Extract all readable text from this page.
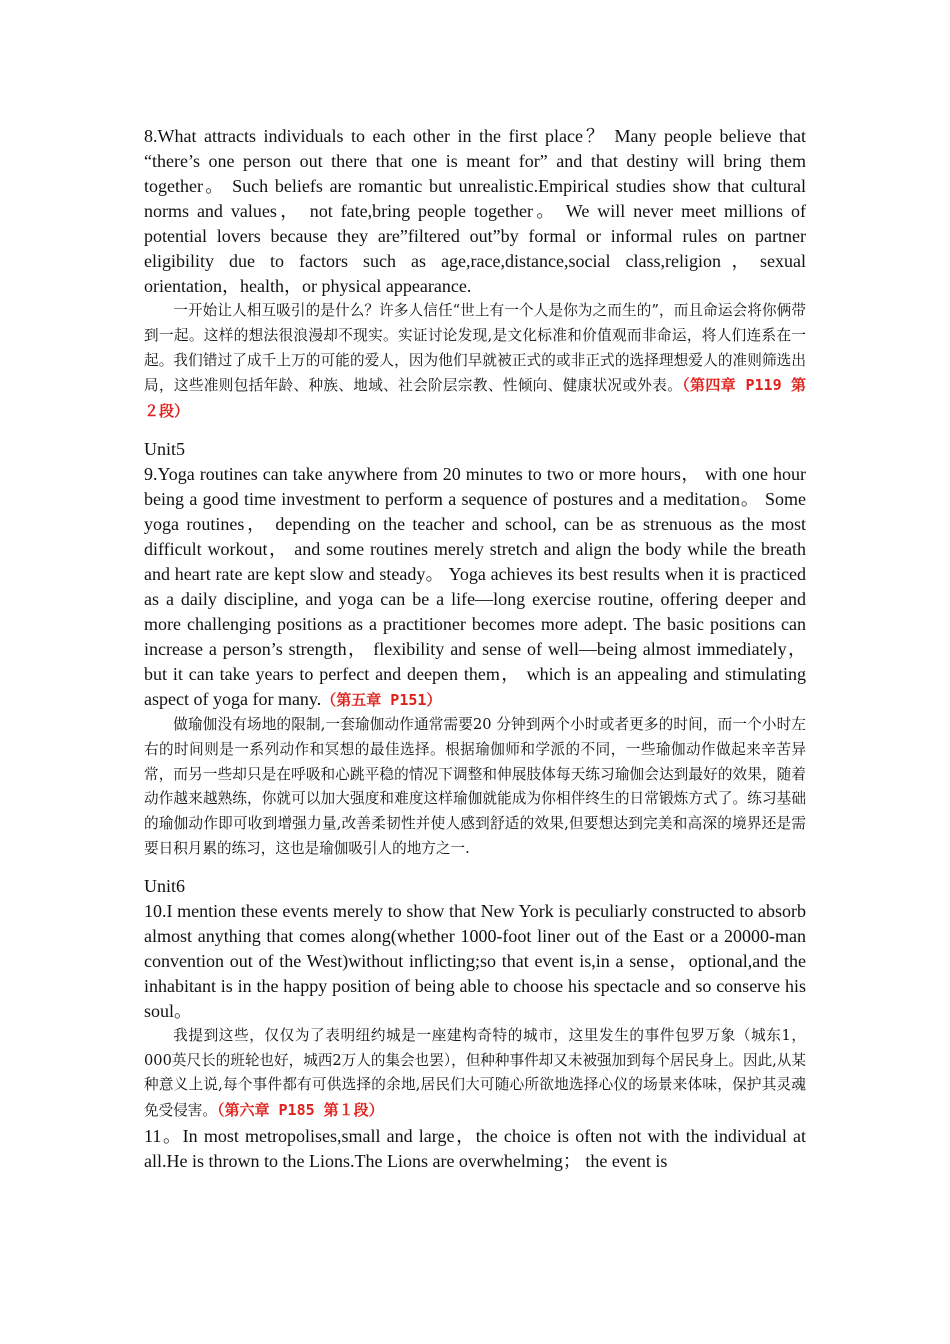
8.What attracts individuals to each other in the first place？ Many people believe that “there’s one person out there that one is meant for” and that destiny will bring them together。 Such beliefs are romantic but unrealistic.Empirical studies show that cultural norms and values， not fate,bring people together。 We will never meet millions of potential lovers because they are”filtered out”by formal or informal rules on partner eligibility due to factors such as age,race,distance,social class,religion，sexual orientation，health，or physical appearance.

一开始让人相互吸引的是什么？许多人信任“世上有一个人是你为之而生的”，而且命运会将你俩带到一起。这样的想法很浪漫却不现实。实证讨论发现,是文化标准和价值观而非命运，将人们连系在一起。我们错过了成千上万的可能的爱人，因为他们早就被正式的或非正式的选择理想爱人的准则筛选出局，这些准则包括年龄、种族、地域、社会阶层宗教、性倾向、健康状况或外表。（第四章 P119 第２段）

Unit5

9.Yoga routines can take anywhere from 20 minutes to two or more hours， with one hour being a good time investment to perform a sequence of postures and a meditation。 Some yoga routines， depending on the teacher and school, can be as strenuous as the most difficult workout， and some routines merely stretch and align the body while the breath and heart rate are kept slow and steady。 Yoga achieves its best results when it is practiced as a daily discipline, and yoga can be a life—long exercise routine, offering deeper and more challenging positions as a practitioner becomes more adept. The basic positions can increase a person’s strength， flexibility and sense of well—being almost immediately， but it can take years to perfect and deepen them， which is an appealing and stimulating aspect of yoga for many.（第五章 P151）

做瑜伽没有场地的限制,一套瑜伽动作通常需要20 分钟到两个小时或者更多的时间，而一个小时左右的时间则是一系列动作和冥想的最佳选择。根据瑜伽师和学派的不同，一些瑜伽动作做起来辛苦异常，而另一些却只是在呼吸和心跳平稳的情况下调整和伸展肢体每天练习瑜伽会达到最好的效果，随着动作越来越熟练，你就可以加大强度和难度这样瑜伽就能成为你相伴终生的日常锻炼方式了。练习基础的瑜伽动作即可收到增强力量,改善柔韧性并使人感到舒适的效果,但要想达到完美和高深的境界还是需要日积月累的练习，这也是瑜伽吸引人的地方之一.

Unit6

10.I mention these events merely to show that New York is peculiarly constructed to absorb almost anything that comes along(whether 1000-foot liner out of the East or a 20000-man convention out of the West)without inflicting;so that event is,in a sense，optional,and the inhabitant is in the happy position of being able to choose his spectacle and so conserve his soul。

我提到这些，仅仅为了表明纽约城是一座建构奇特的城市，这里发生的事件包罗万象（城东1，000英尺长的班轮也好，城西2万人的集会也罢），但种种事件却又未被强加到每个居民身上。因此,从某种意义上说,每个事件都有可供选择的余地,居民们大可随心所欲地选择心仪的场景来体味，保护其灵魂免受侵害。（第六章 P185 第１段）

11。In most metropolises,small and large，the choice is often not with the individual at all.He is thrown to the Lions.The Lions are overwhelming； the event is
